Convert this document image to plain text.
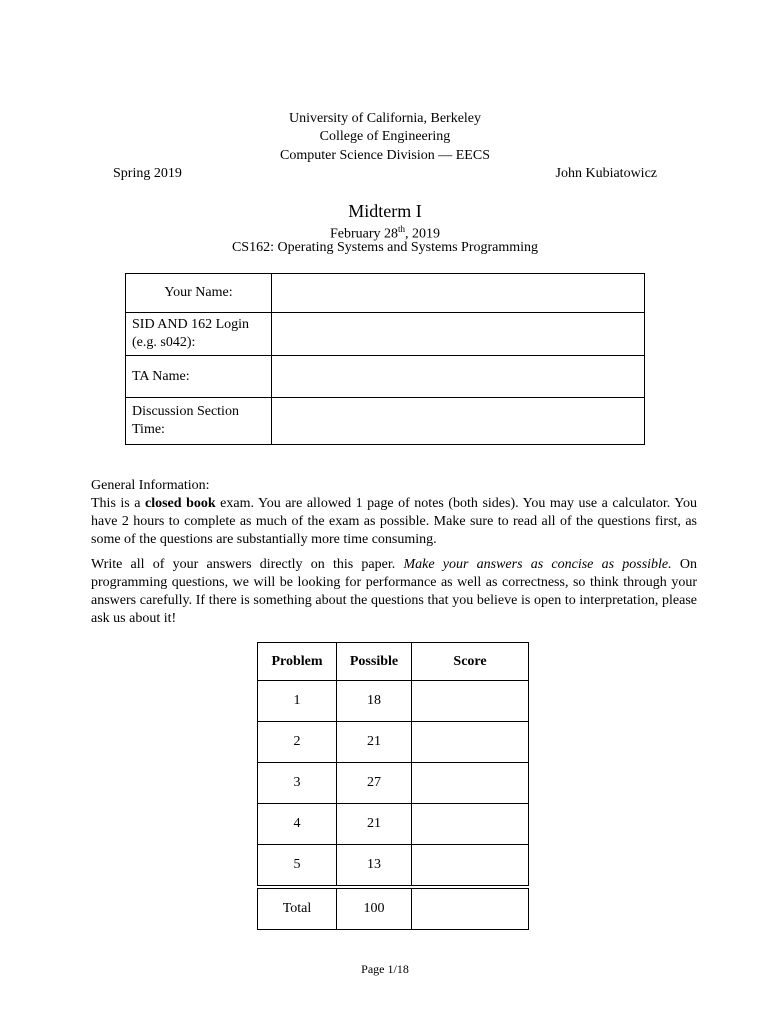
University of California, Berkeley
College of Engineering
Computer Science Division — EECS
Spring 2019	John Kubiatowicz
Midterm I
February 28th, 2019
CS162: Operating Systems and Systems Programming
Your Name:	
SID AND 162 Login (e.g. s042):	
TA Name:	
Discussion Section Time:	
General Information:
This is a closed book exam. You are allowed 1 page of notes (both sides). You may use a calculator. You have 2 hours to complete as much of the exam as possible. Make sure to read all of the questions first, as some of the questions are substantially more time consuming.
Write all of your answers directly on this paper. Make your answers as concise as possible. On programming questions, we will be looking for performance as well as correctness, so think through your answers carefully. If there is something about the questions that you believe is open to interpretation, please ask us about it!
Problem	Possible	Score
1	18	
2	21	
3	27	
4	21	
5	13	
Total	100	
Page 1/18
